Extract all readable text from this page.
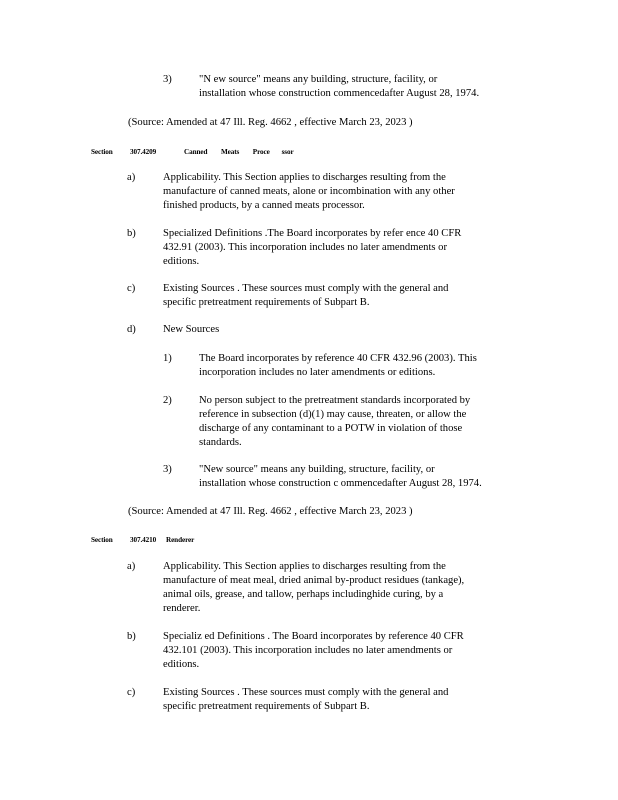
3)	"N ew source" means any building, structure, facility, or
installation whose construction commencedafter August 28, 1974.
(Source: Amended at 47 Ill. Reg. 4662 , effective March 23, 2023 )
Section 307.4209	Canned        Meats        Proce       ssor
a)	Applicability. This Section applies to discharges resulting from the
manufacture of canned meats, alone or incombination with any other
finished products, by a canned meats processor.
b)	Specialized Definitions .The Board incorporates by refer ence 40 CFR
432.91 (2003). This incorporation includes no later amendments or
editions.
c)	Existing Sources . These sources must comply with the general and
specific pretreatment requirements of Subpart B.
d)	New Sources
1)	The Board incorporates by reference 40 CFR 432.96 (2003). This
incorporation includes no later amendments or editions.
2)	No person subject to the pretreatment standards incorporated by
reference in subsection (d)(1) may cause, threaten, or allow the
discharge of any contaminant to a POTW in violation of those
standards.
3)	"New source" means any building, structure, facility, or
installation whose construction c ommencedafter August 28, 1974.
(Source: Amended at 47 Ill. Reg. 4662 , effective March 23, 2023 )
Section 307.4210 Renderer
a)	Applicability. This Section applies to discharges resulting from the
manufacture of meat meal, dried animal by-product residues (tankage),
animal oils, grease, and tallow, perhaps includinghide curing, by a
renderer.
b)	Specializ ed Definitions . The Board incorporates by reference 40 CFR
432.101 (2003). This incorporation includes no later amendments or
editions.
c)	Existing Sources . These sources must comply with the general and
specific pretreatment requirements of Subpart B.
